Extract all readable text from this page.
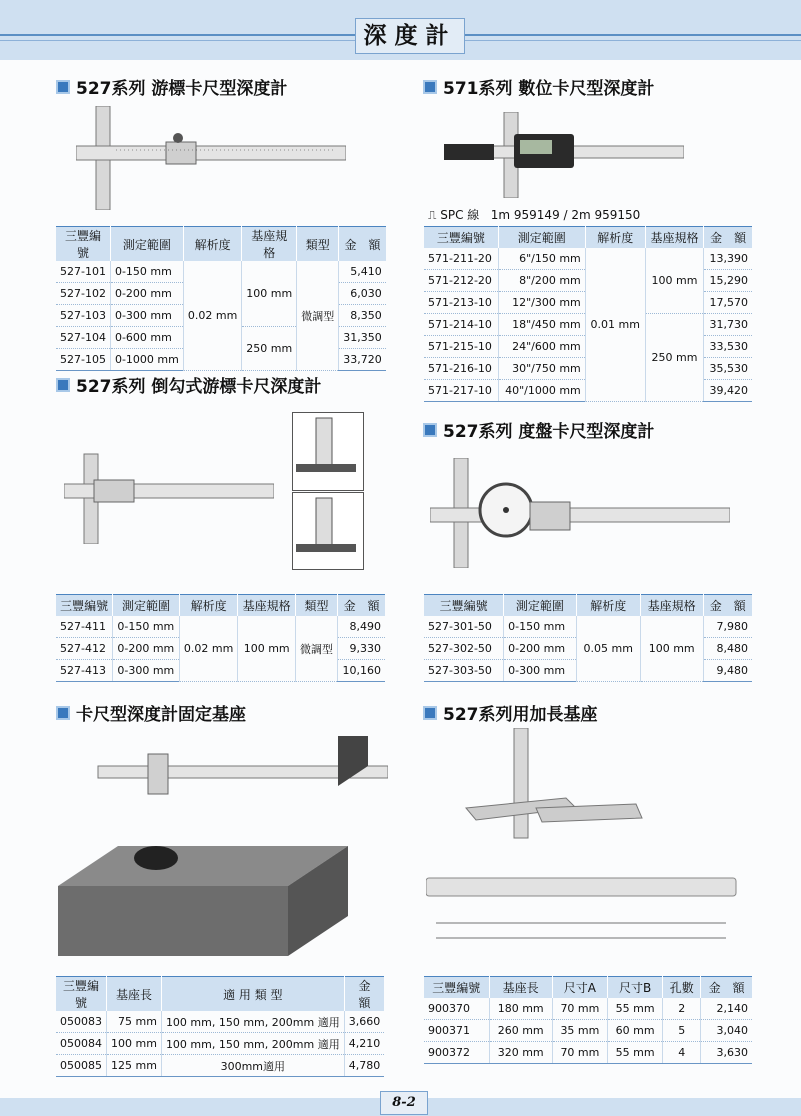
深度計
527系列 游標卡尺型深度計
三豐編號	測定範圍	解析度	基座規格	類型	金　額
527-101	0-150 mm	0.02 mm	100 mm	微調型	5,410
527-102	0-200 mm				6,030
527-103	0-300 mm				8,350
527-104	0-600 mm		250 mm		31,350
527-105	0-1000 mm				33,720
571系列 數位卡尺型深度計
⎍ SPC 線 1m 959149 / 2m 959150
三豐編號	測定範圍	解析度	基座規格	金　額
571-211-20	6"/150 mm	0.01 mm	100 mm	13,390
571-212-20	8"/200 mm			15,290
571-213-10	12"/300 mm			17,570
571-214-10	18"/450 mm		250 mm	31,730
571-215-10	24"/600 mm			33,530
571-216-10	30"/750 mm			35,530
571-217-10	40"/1000 mm			39,420
527系列 倒勾式游標卡尺深度計
三豐編號	測定範圍	解析度	基座規格	類型	金　額
527-411	0-150 mm	0.02 mm	100 mm	微調型	8,490
527-412	0-200 mm				9,330
527-413	0-300 mm				10,160
527系列 度盤卡尺型深度計
三豐編號	測定範圍	解析度	基座規格	金　額
527-301-50	0-150 mm	0.05 mm	100 mm	7,980
527-302-50	0-200 mm			8,480
527-303-50	0-300 mm			9,480
卡尺型深度計固定基座
三豐編號	基座長	適 用 類 型	金　額
050083	75 mm	100 mm, 150 mm, 200mm 適用	3,660
050084	100 mm	100 mm, 150 mm, 200mm 適用	4,210
050085	125 mm	300mm適用	4,780
527系列用加長基座
三豐編號	基座長	尺寸A	尺寸B	孔數	金　額
900370	180 mm	70 mm	55 mm	2	2,140
900371	260 mm	35 mm	60 mm	5	3,040
900372	320 mm	70 mm	55 mm	4	3,630
8-2
